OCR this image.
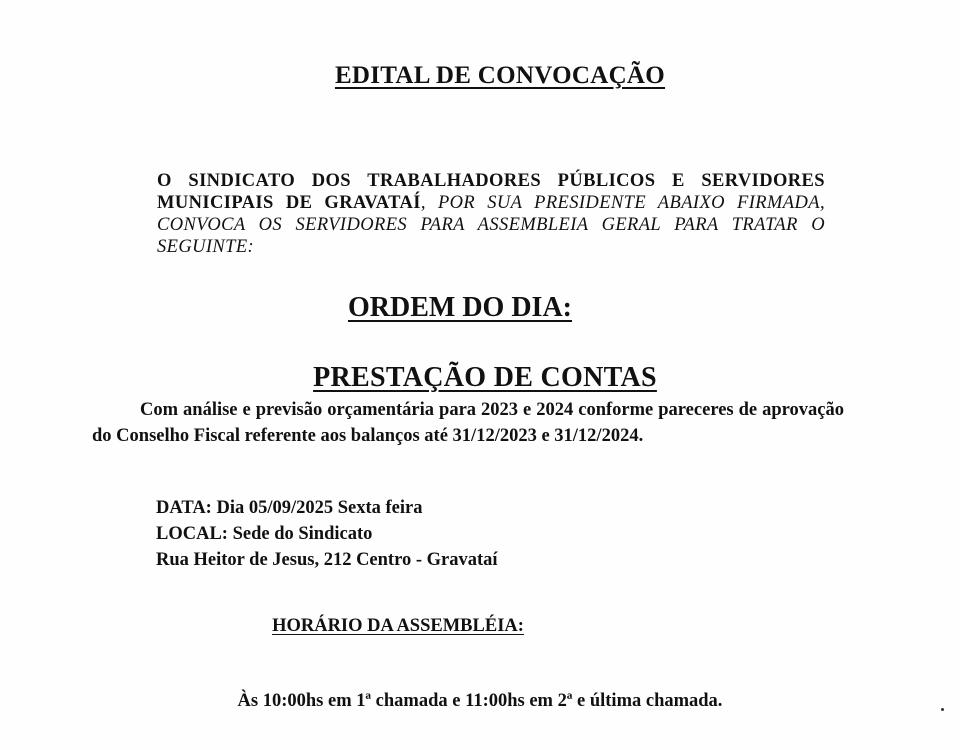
EDITAL DE CONVOCAÇÃO
O SINDICATO DOS TRABALHADORES PÚBLICOS E SERVIDORES MUNICIPAIS DE GRAVATAÍ, POR SUA PRESIDENTE ABAIXO FIRMADA, CONVOCA OS SERVIDORES PARA ASSEMBLEIA GERAL PARA TRATAR O SEGUINTE:
ORDEM DO DIA:
PRESTAÇÃO DE CONTAS
Com análise e previsão orçamentária para 2023 e 2024 conforme pareceres de aprovação do Conselho Fiscal referente aos balanços até 31/12/2023 e 31/12/2024.
DATA: Dia 05/09/2025 Sexta feira
LOCAL: Sede do Sindicato
Rua Heitor de Jesus, 212 Centro - Gravataí
HORÁRIO DA ASSEMBLÉIA:
Às 10:00hs em 1ª chamada e 11:00hs em 2ª e última chamada.
